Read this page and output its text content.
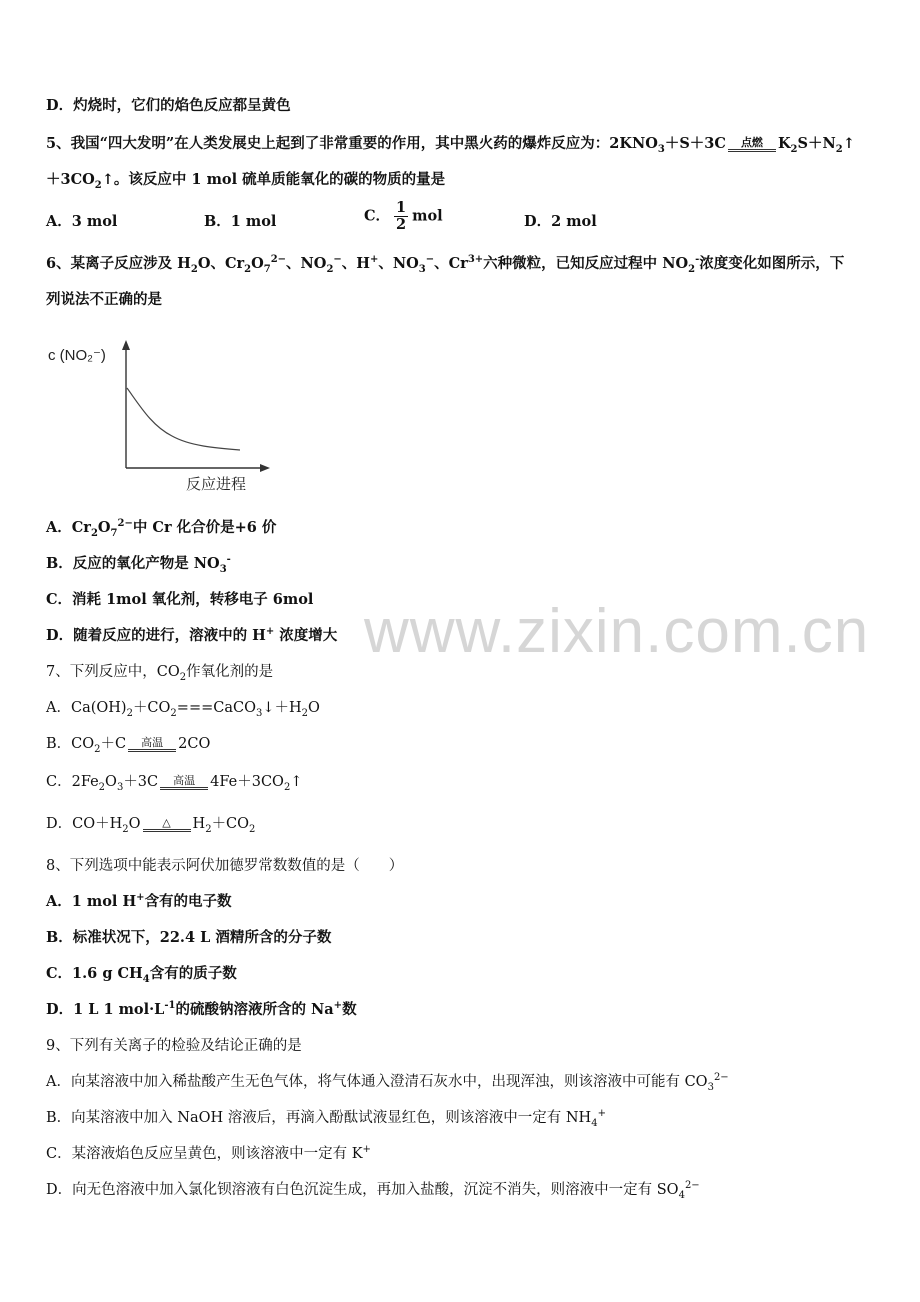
D．灼烧时，它们的焰色反应都呈黄色
5、我国“四大发明”在人类发展史上起到了非常重要的作用，其中黑火药的爆炸反应为：$2KNO_3+S+3C$ 点燃 $K_2S+N_2↑$
$+3CO_2↑$。该反应中 1 mol 硫单质能氧化的碳的物质的量是
A．3 mol	B．1 mol	C． $\frac{1}{2}$ mol	D．2 mol
6、某离子反应涉及 $H_2O$、$Cr_2O_7^{2-}$、$NO_2^-$、H+、$NO_3^-$、$Cr^{3+}$六种微粒，已知反应过程中 $NO_2^-$浓度变化如图所示，下
列说法不正确的是
c (NO₂⁻)
反应进程
A．$Cr_2O_7^{2-}$中 Cr 化合价是+6 价
B．反应的氧化产物是 $NO_3^-$
C．消耗 1mol 氧化剂，转移电子 6mol
D．随着反应的进行，溶液中的 H+ 浓度增大
7、下列反应中，$CO_2$作氧化剂的是
A．$Ca(OH)_2+CO_2===CaCO_3↓+H_2O$
B．$CO_2+C$ 高温 2CO
C．$2Fe_2O_3+3C$ 高温 $4Fe+3CO_2↑$
D．$CO+H_2O$ △ $H_2+CO_2$
8、下列选项中能表示阿伏加德罗常数数值的是（　　）
A．1 mol H+含有的电子数
B．标准状况下，22.4 L 酒精所含的分子数
C．1.6 g $CH_4$含有的质子数
D．1 L 1 $mol\cdot L^{-1}$的硫酸钠溶液所含的 Na+数
9、下列有关离子的检验及结论正确的是
A．向某溶液中加入稀盐酸产生无色气体，将气体通入澄清石灰水中，出现浑浊，则该溶液中可能有 $CO_3^{2-}$
B．向某溶液中加入 NaOH 溶液后，再滴入酚酞试液显红色，则该溶液中一定有 $NH_4^+$
C．某溶液焰色反应呈黄色，则该溶液中一定有 K+
D．向无色溶液中加入氯化钡溶液有白色沉淀生成，再加入盐酸，沉淀不消失，则溶液中一定有 $SO_4^{2-}$
www.zixin.com.cn
